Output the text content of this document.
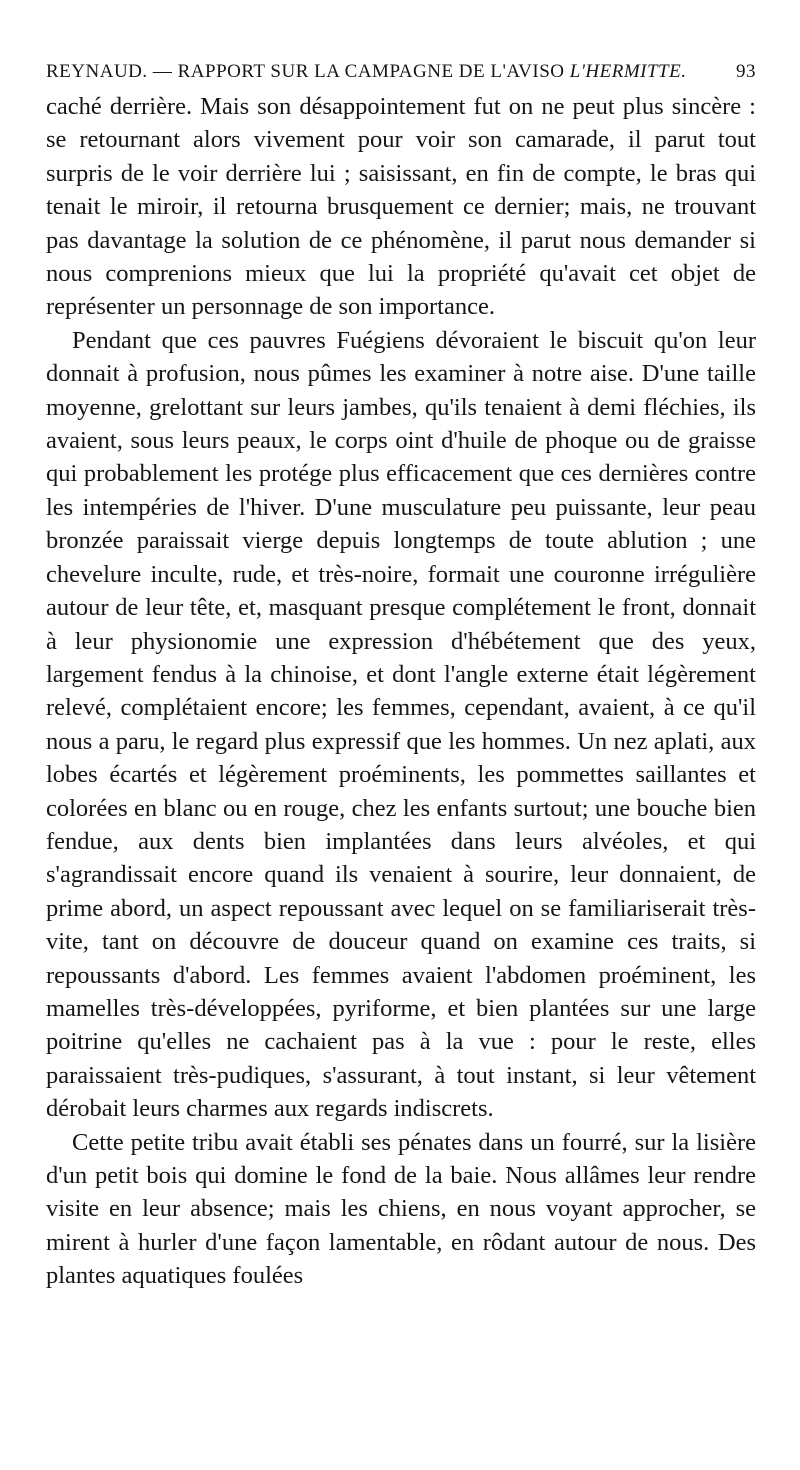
REYNAUD. — RAPPORT SUR LA CAMPAGNE DE L'AVISO L'HERMITTE.	93

caché derrière. Mais son désappointement fut on ne peut plus sincère : se retournant alors vivement pour voir son camarade, il parut tout surpris de le voir derrière lui ; saisissant, en fin de compte, le bras qui tenait le miroir, il retourna brusquement ce dernier; mais, ne trouvant pas davantage la solution de ce phénomène, il parut nous demander si nous comprenions mieux que lui la propriété qu'avait cet objet de représenter un personnage de son importance.

Pendant que ces pauvres Fuégiens dévoraient le biscuit qu'on leur donnait à profusion, nous pûmes les examiner à notre aise. D'une taille moyenne, grelottant sur leurs jambes, qu'ils tenaient à demi fléchies, ils avaient, sous leurs peaux, le corps oint d'huile de phoque ou de graisse qui probablement les protége plus efficacement que ces dernières contre les intempéries de l'hiver. D'une musculature peu puissante, leur peau bronzée paraissait vierge depuis longtemps de toute ablution ; une chevelure inculte, rude, et très-noire, formait une couronne irrégulière autour de leur tête, et, masquant presque complétement le front, donnait à leur physionomie une expression d'hébétement que des yeux, largement fendus à la chinoise, et dont l'angle externe était légèrement relevé, complétaient encore; les femmes, cependant, avaient, à ce qu'il nous a paru, le regard plus expressif que les hommes. Un nez aplati, aux lobes écartés et légèrement proéminents, les pommettes saillantes et colorées en blanc ou en rouge, chez les enfants surtout; une bouche bien fendue, aux dents bien implantées dans leurs alvéoles, et qui s'agrandissait encore quand ils venaient à sourire, leur donnaient, de prime abord, un aspect repoussant avec lequel on se familiariserait très-vite, tant on découvre de douceur quand on examine ces traits, si repoussants d'abord. Les femmes avaient l'abdomen proéminent, les mamelles très-développées, pyriforme, et bien plantées sur une large poitrine qu'elles ne cachaient pas à la vue : pour le reste, elles paraissaient très-pudiques, s'assurant, à tout instant, si leur vêtement dérobait leurs charmes aux regards indiscrets.

Cette petite tribu avait établi ses pénates dans un fourré, sur la lisière d'un petit bois qui domine le fond de la baie. Nous allâmes leur rendre visite en leur absence; mais les chiens, en nous voyant approcher, se mirent à hurler d'une façon lamentable, en rôdant autour de nous. Des plantes aquatiques foulées
